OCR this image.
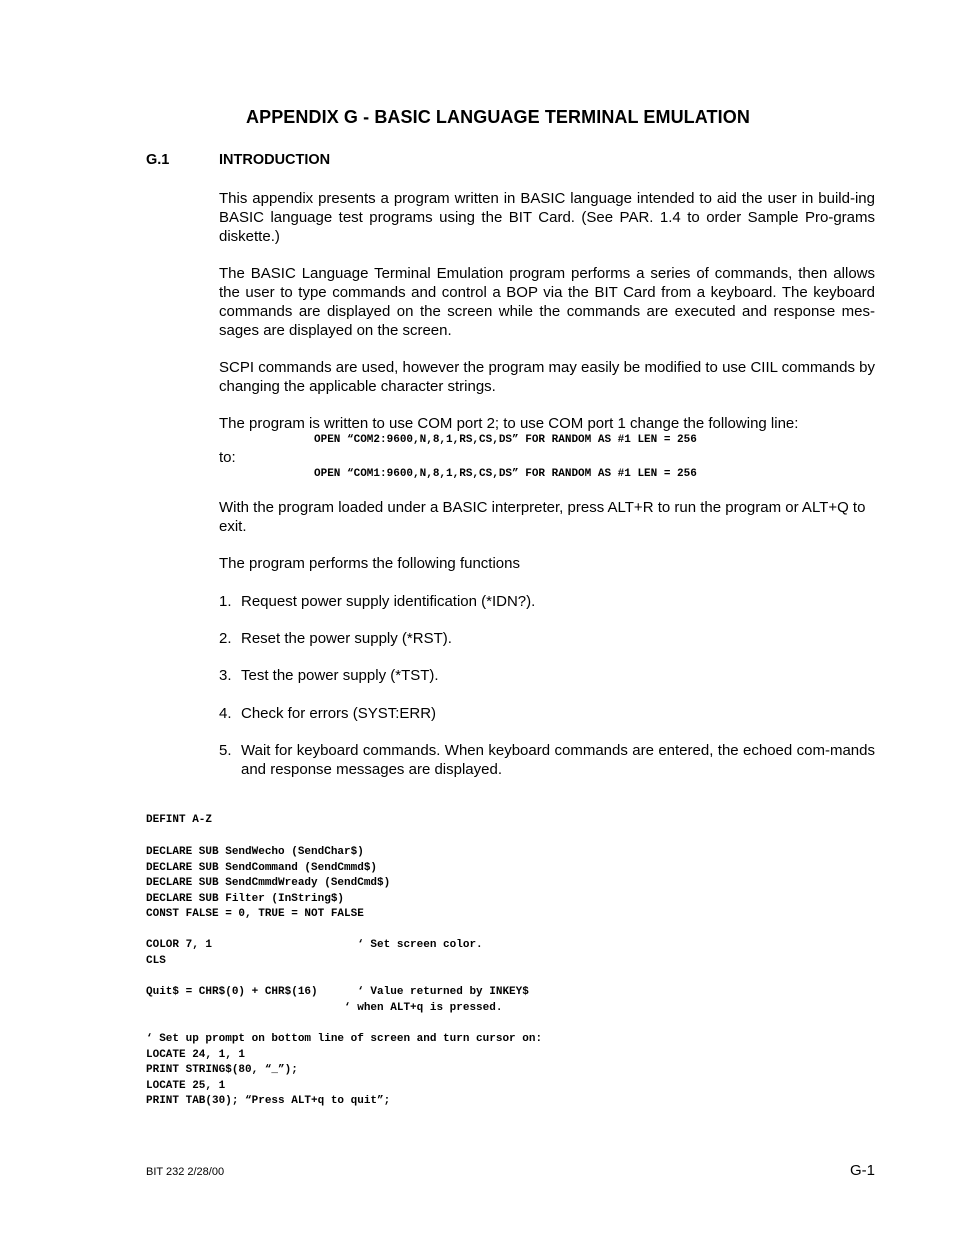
APPENDIX G - BASIC LANGUAGE TERMINAL EMULATION
G.1	INTRODUCTION
This appendix presents a program written in BASIC language intended to aid the user in build-ing BASIC language test programs using the BIT Card. (See PAR. 1.4 to order Sample Pro-grams diskette.)
The BASIC Language Terminal Emulation program performs a series of commands, then allows the user to type commands and control a BOP via the BIT Card from a keyboard. The keyboard commands are displayed on the screen while the commands are executed and response mes-sages are displayed on the screen.
SCPI commands are used, however the program may easily be modified to use CIIL commands by changing the applicable character strings.
The program is written to use COM port 2; to use COM port 1 change the following line:
OPEN “COM2:9600,N,8,1,RS,CS,DS” FOR RANDOM AS #1 LEN = 256
to:
OPEN “COM1:9600,N,8,1,RS,CS,DS” FOR RANDOM AS #1 LEN = 256
With the program loaded under a BASIC interpreter, press ALT+R to run the program or ALT+Q to exit.
The program performs the following functions
1. Request power supply identification (*IDN?).
2. Reset the power supply (*RST).
3. Test the power supply (*TST).
4. Check for errors (SYST:ERR)
5. Wait for keyboard commands. When keyboard commands are entered, the echoed com-mands and response messages are displayed.
DEFINT A-Z
DECLARE SUB SendWecho (SendChar$)
DECLARE SUB SendCommand (SendCmmd$)
DECLARE SUB SendCmmdWready (SendCmd$)
DECLARE SUB Filter (InString$)
CONST FALSE = 0, TRUE = NOT FALSE
COLOR 7, 1                      ‘ Set screen color.
CLS
Quit$ = CHR$(0) + CHR$(16)      ‘ Value returned by INKEY$
‘ when ALT+q is pressed.
‘ Set up prompt on bottom line of screen and turn cursor on:
LOCATE 24, 1, 1
PRINT STRING$(80, “_”);
LOCATE 25, 1
PRINT TAB(30); “Press ALT+q to quit”;
BIT 232 2/28/00	G-1
